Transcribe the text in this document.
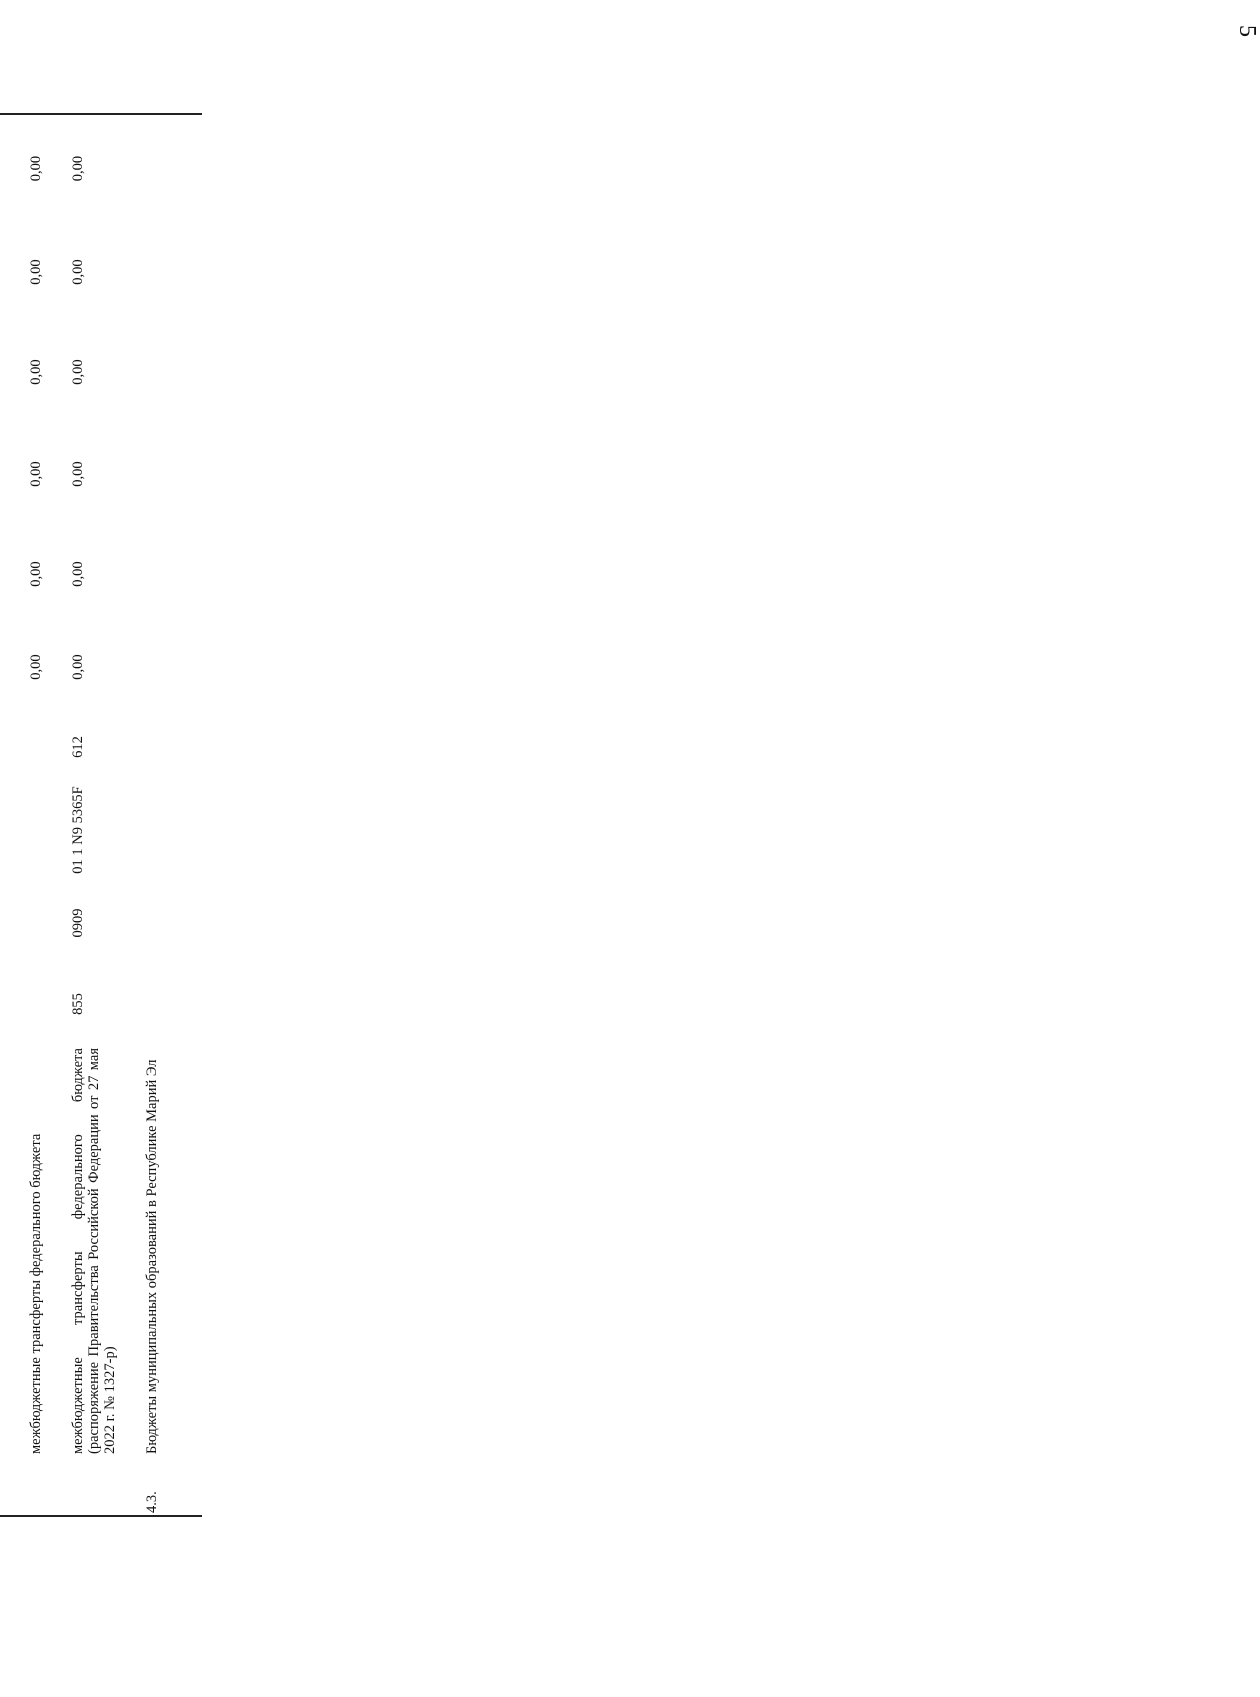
5

	межбюджетные трансферты федерального бюджета					0,00	0,00	0,00	0,00	0,00	0,00
	межбюджетные трансферты федерального бюджета (распоряжение Правительства Российской Федерации от 27 мая 2022 г. № 1327-р)	855	0909	01 1 N9 5365F	612	0,00	0,00	0,00	0,00	0,00	0,00
4.3.	Бюджеты муниципальных образований в Республике Марий Эл										
